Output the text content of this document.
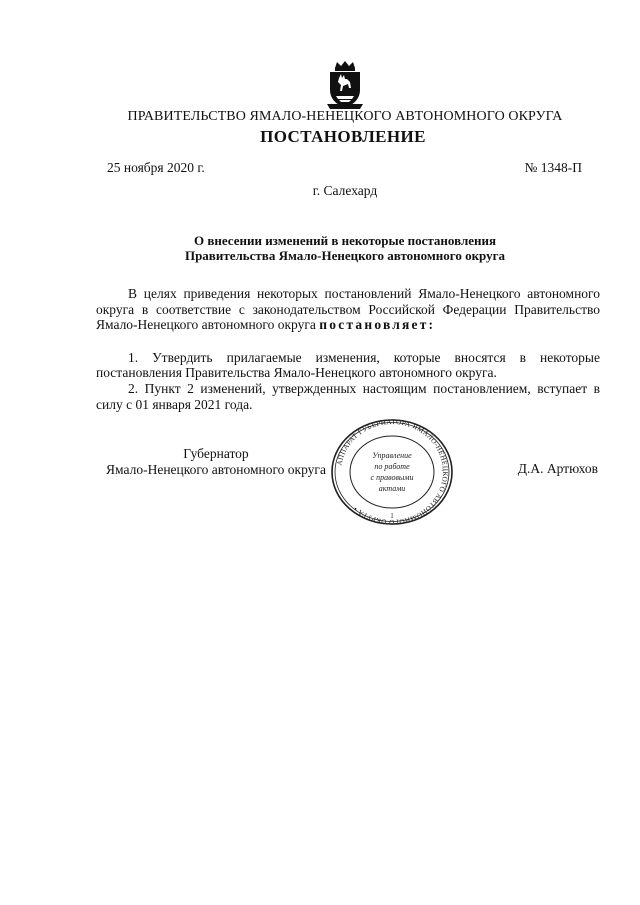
ПРАВИТЕЛЬСТВО ЯМАЛО-НЕНЕЦКОГО АВТОНОМНОГО ОКРУГА
ПОСТАНОВЛЕНИЕ
25 ноября 2020 г.	№ 1348-П
г. Салехард
О внесении изменений в некоторые постановления
Правительства Ямало-Ненецкого автономного округа

В целях приведения некоторых постановлений Ямало-Ненецкого автономного округа в соответствие с законодательством Российской Федерации Правительство Ямало-Ненецкого автономного округа постановляет:

1. Утвердить прилагаемые изменения, которые вносятся в некоторые постановления Правительства Ямало-Ненецкого автономного округа.

2. Пункт 2 изменений, утвержденных настоящим постановлением, вступает в силу с 01 января 2021 года.

Губернатор
Ямало-Ненецкого автономного округа	АППАРАТ ГУБЕРНАТОРА ЯМАЛО-НЕНЕЦКОГО АВТОНОМНОГО ОКРУГА •
Управление
по работе
с правовыми
актами
1
Д.А. Артюхов
